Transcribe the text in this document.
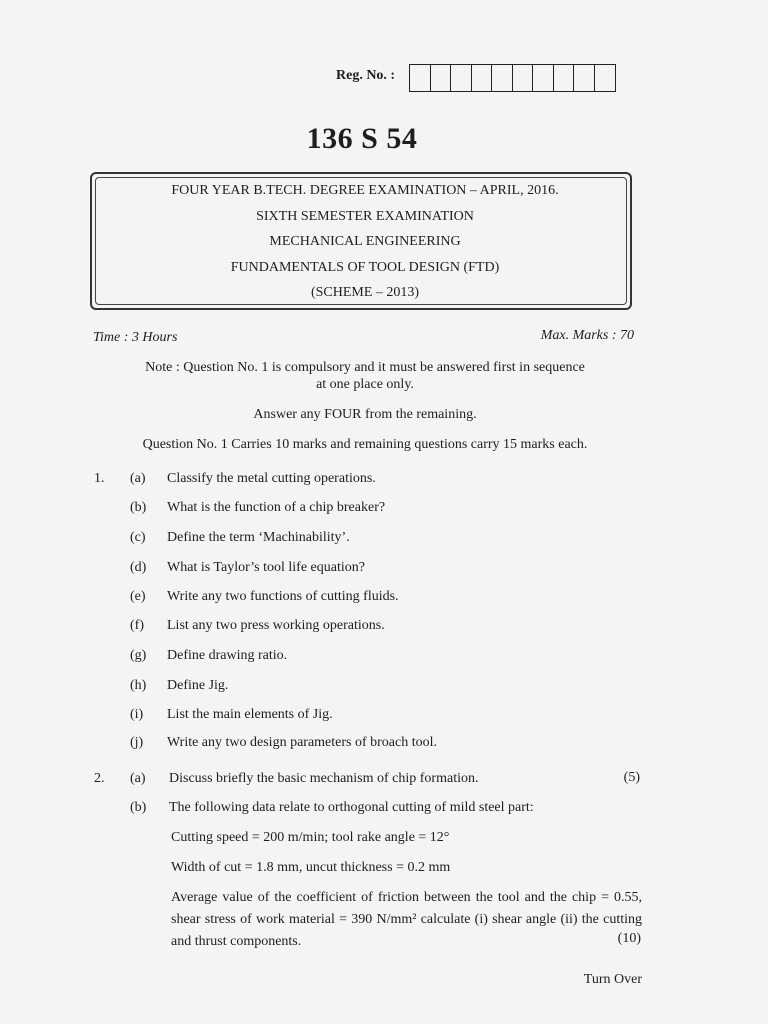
Reg. No. :
136 S 54
FOUR YEAR B.TECH. DEGREE EXAMINATION – APRIL, 2016.
SIXTH SEMESTER EXAMINATION
MECHANICAL ENGINEERING
FUNDAMENTALS OF TOOL DESIGN (FTD)
(SCHEME – 2013)
Time : 3 Hours	Max. Marks : 70
Note : Question No. 1 is compulsory and it must be answered first in sequence
at one place only.
Answer any FOUR from the remaining.
Question No. 1 Carries 10 marks and remaining questions carry 15 marks each.
1. (a) Classify the metal cutting operations.
(b) What is the function of a chip breaker?
(c) Define the term ‘Machinability’.
(d) What is Taylor’s tool life equation?
(e) Write any two functions of cutting fluids.
(f) List any two press working operations.
(g) Define drawing ratio.
(h) Define Jig.
(i) List the main elements of Jig.
(j) Write any two design parameters of broach tool.
2. (a) Discuss briefly the basic mechanism of chip formation.	(5)
(b) The following data relate to orthogonal cutting of mild steel part:
Cutting speed = 200 m/min; tool rake angle = 12°
Width of cut = 1.8 mm, uncut thickness = 0.2 mm
Average value of the coefficient of friction between the tool and the chip = 0.55, shear stress of work material = 390 N/mm² calculate (i) shear angle (ii) the cutting and thrust components.	(10)
Turn Over
